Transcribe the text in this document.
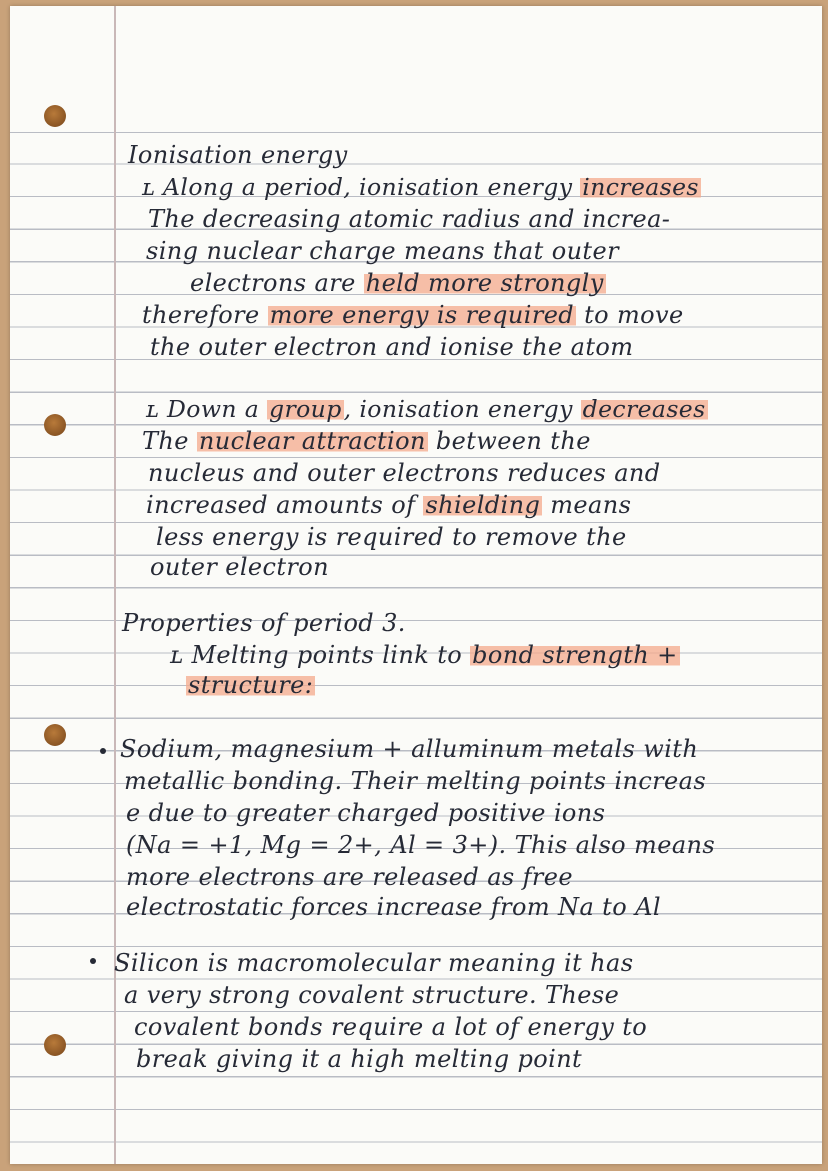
Ionisation energy
ʟ Along a period, ionisation energy increases
The decreasing atomic radius and increa-
sing nuclear charge means that outer
electrons are held more strongly
therefore more energy is required to move
the outer electron and ionise the atom
ʟ Down a group, ionisation energy decreases
The nuclear attraction between the
nucleus and outer electrons reduces and
increased amounts of shielding means
less energy is required to remove the
outer electron
Properties of period 3.
ʟ Melting points link to bond strength +
structure:
Sodium, magnesium + alluminum metals with
metallic bonding. Their melting points increas
e due to greater charged positive ions
(Na = +1, Mg = 2+, Al = 3+). This also means
more electrons are released as free
electrostatic forces increase from Na to Al
Silicon is macromolecular meaning it has
a very strong covalent structure. These
covalent bonds require a lot of energy to
break giving it a high melting point
